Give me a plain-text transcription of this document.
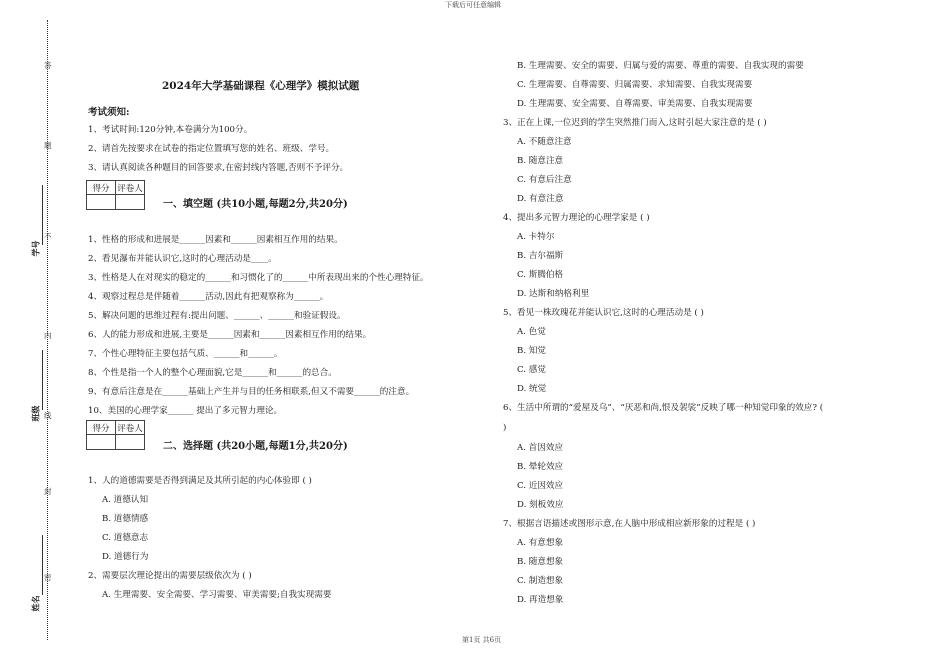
下载后可任意编辑
答
题
不
内
线
封
密
学号
班级
姓名
2024年大学基础课程《心理学》模拟试题
考试须知:
1、考试时间:120分钟,本卷满分为100分。
2、请首先按要求在试卷的指定位置填写您的姓名、班级、学号。
3、请认真阅读各种题目的回答要求,在密封线内答题,否则不予评分。
得分	评卷人

一、填空题 (共10小题,每题2分,共20分)
1、性格的形成和进展是______因素和______因素相互作用的结果。
2、看见瀑布并能认识它,这时的心理活动是____。
3、性格是人在对现实的稳定的______和习惯化了的______中所表现出来的个性心理特征。
4、观察过程总是伴随着______活动,因此有把观察称为______。
5、解决问题的思维过程有:提出问题、______、______和验证假设。
6、人的能力形成和进展,主要是______因素和______因素相互作用的结果。
7、个性心理特征主要包括气质、______和______。
8、个性是指一个人的整个心理面貌,它是______和______的总合。
9、有意后注意是在______基础上产生并与目的任务相联系,但又不需要______的注意。
10、美国的心理学家______ 提出了多元智力理论。
得分	评卷人

二、选择题 (共20小题,每题1分,共20分)
1、人的道德需要是否得到满足及其所引起的内心体验即 ( )
A. 道德认知
B. 道德情感
C. 道德意志
D. 道德行为
2、需要层次理论提出的需要层级依次为 ( )
A. 生理需要、安全需要、学习需要、审美需要;自我实现需要
B. 生理需要、安全的需要、归属与爱的需要、尊重的需要、自我实现的需要
C. 生理需要、自尊需要、归属需要、求知需要、自我实现需要
D. 生理需要、安全需要、自尊需要、审美需要、自我实现需要
3、正在上课,一位迟到的学生突然推门而入,这时引起大家注意的是 ( )
A. 不随意注意
B. 随意注意
C. 有意后注意
D. 有意注意
4、提出多元智力理论的心理学家是 ( )
A. 卡特尔
B. 吉尔福斯
C. 斯腾伯格
D. 达斯和纳格利里
5、看见一株玫瑰花并能认识它,这时的心理活动是 ( )
A. 色觉
B. 知觉
C. 感觉
D. 统觉
6、生活中所谓的“爱屋及乌”、“厌恶和尚,恨及袈裟”反映了哪一种知觉印象的效应? (
)
A. 首因效应
B. 晕轮效应
C. 近因效应
D. 刻板效应
7、根据言语描述或图形示意,在人脑中形成相应新形象的过程是 ( )
A. 有意想象
B. 随意想象
C. 制造想象
D. 再造想象
第1页 共6页
